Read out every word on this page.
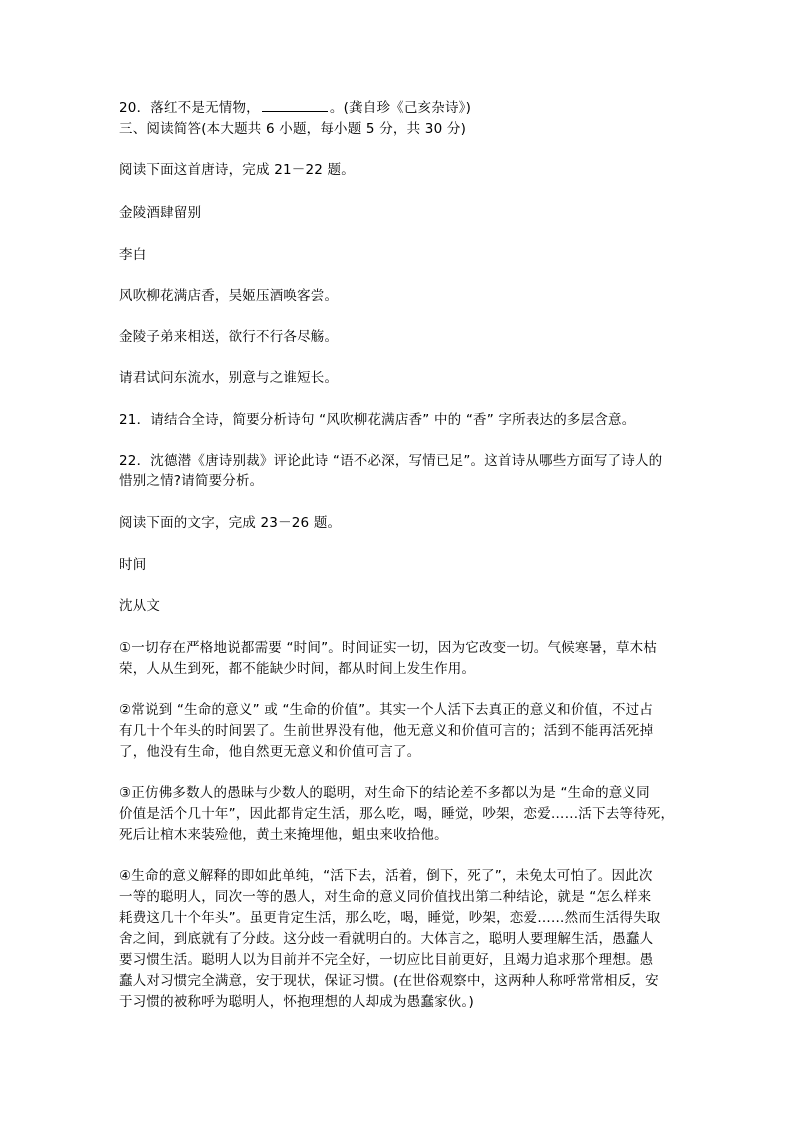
20．落红不是无情物，	。(龚自珍《己亥杂诗》)
三、阅读简答(本大题共 6 小题，每小题 5 分，共 30 分)
阅读下面这首唐诗，完成 21－22 题。
金陵酒肆留别
李白
风吹柳花满店香，吴姬压酒唤客尝。
金陵子弟来相送，欲行不行各尽觞。
请君试问东流水，别意与之谁短长。
21．请结合全诗，简要分析诗句 “风吹柳花满店香” 中的 “香” 字所表达的多层含意。
22．沈德潜《唐诗别裁》评论此诗 “语不必深，写情已足”。这首诗从哪些方面写了诗人的
惜别之情?请简要分析。
阅读下面的文字，完成 23－26 题。
时间
沈从文
①一切存在严格地说都需要 “时间”。时间证实一切，因为它改变一切。气候寒暑，草木枯
荣，人从生到死，都不能缺少时间，都从时间上发生作用。
②常说到 “生命的意义” 或 “生命的价值”。其实一个人活下去真正的意义和价值，不过占
有几十个年头的时间罢了。生前世界没有他，他无意义和价值可言的；活到不能再活死掉
了，他没有生命，他自然更无意义和价值可言了。
③正仿佛多数人的愚昧与少数人的聪明，对生命下的结论差不多都以为是 “生命的意义同
价值是活个几十年”，因此都肯定生活，那么吃，喝，睡觉，吵架，恋爱……活下去等待死，
死后让棺木来装殓他，黄土来掩埋他，蛆虫来收拾他。
④生命的意义解释的即如此单纯，“活下去，活着，倒下，死了”，未免太可怕了。因此次
一等的聪明人，同次一等的愚人，对生命的意义同价值找出第二种结论，就是 “怎么样来
耗费这几十个年头”。虽更肯定生活，那么吃，喝，睡觉，吵架，恋爱……然而生活得失取
舍之间，到底就有了分歧。这分歧一看就明白的。大体言之，聪明人要理解生活，愚蠢人
要习惯生活。聪明人以为目前并不完全好，一切应比目前更好，且竭力追求那个理想。愚
蠢人对习惯完全满意，安于现状，保证习惯。(在世俗观察中，这两种人称呼常常相反，安
于习惯的被称呼为聪明人，怀抱理想的人却成为愚蠢家伙。)
